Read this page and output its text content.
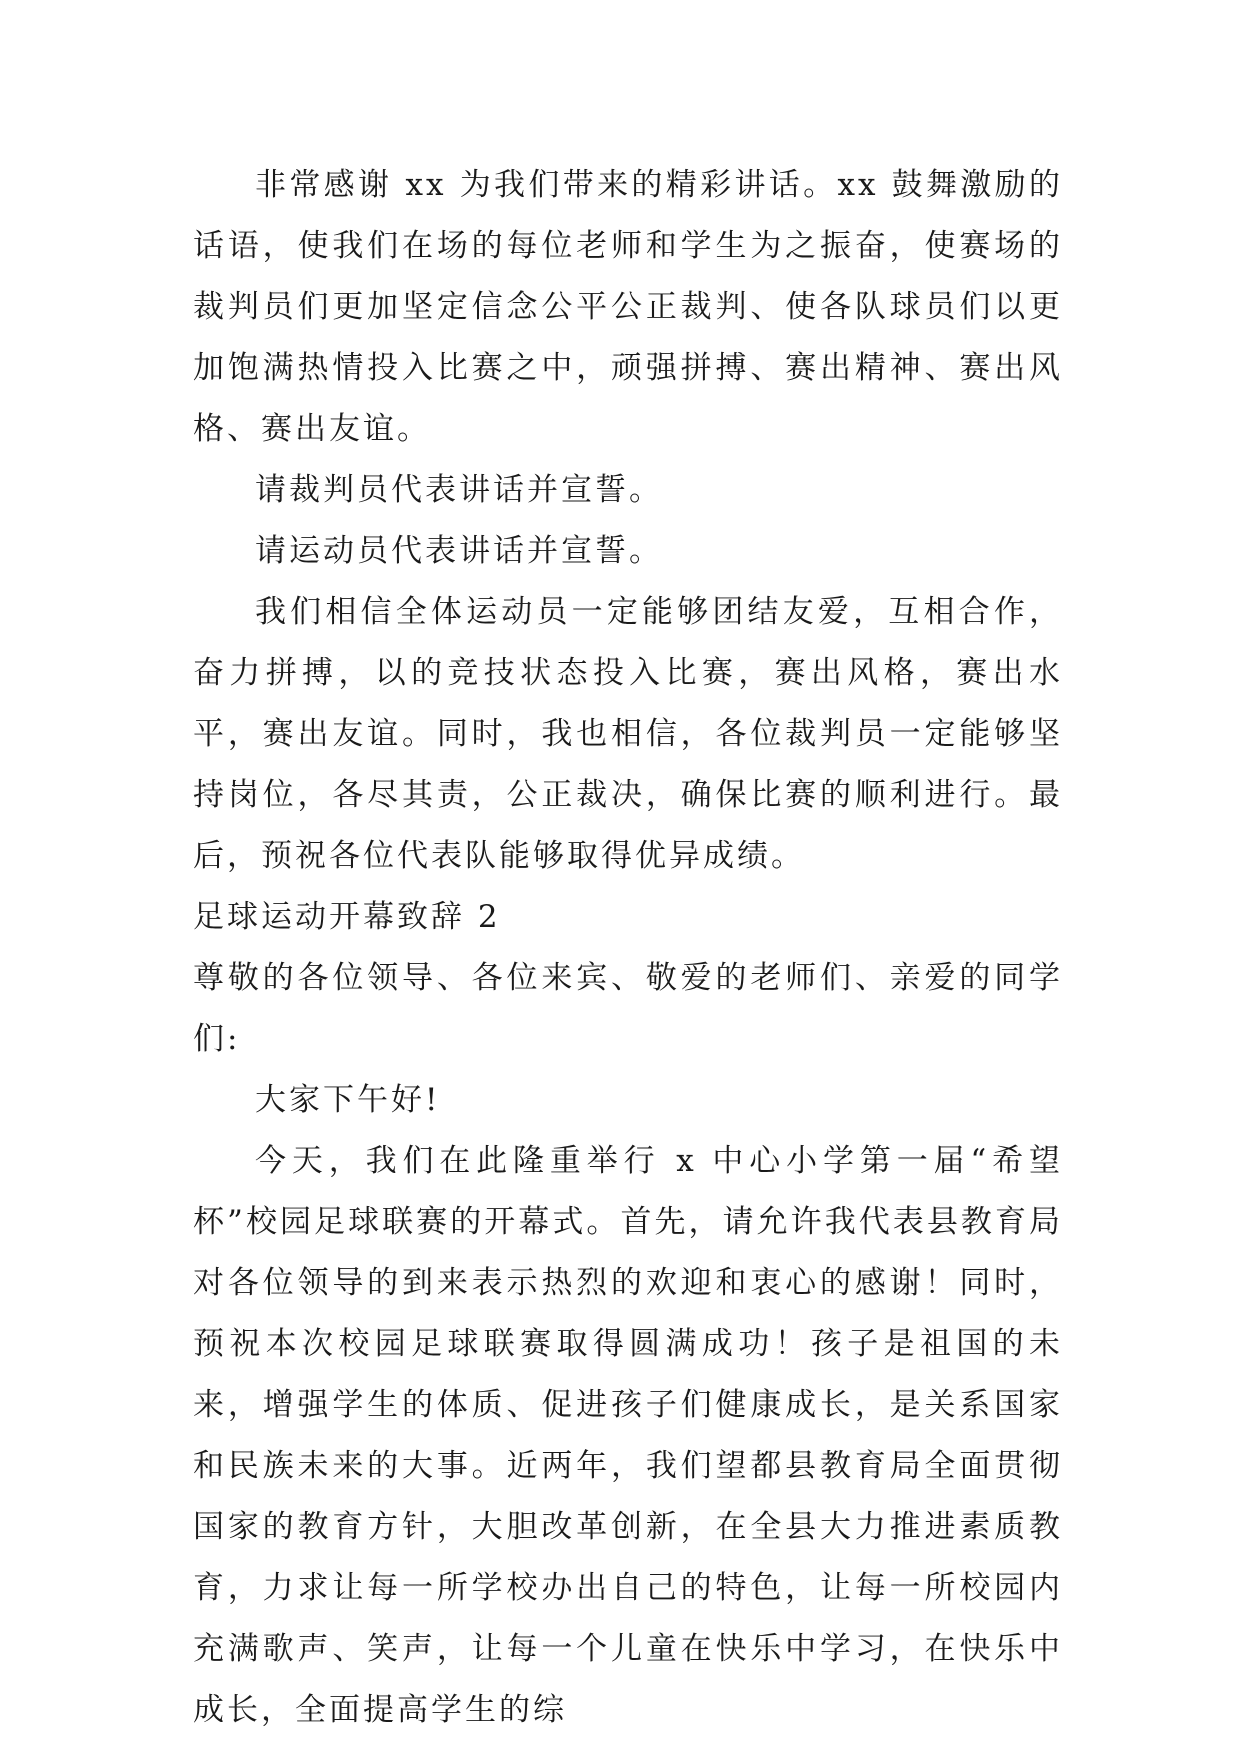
非常感谢 xx 为我们带来的精彩讲话。xx 鼓舞激励的话语，使我们在场的每位老师和学生为之振奋，使赛场的裁判员们更加坚定信念公平公正裁判、使各队球员们以更加饱满热情投入比赛之中，顽强拼搏、赛出精神、赛出风格、赛出友谊。

请裁判员代表讲话并宣誓。

请运动员代表讲话并宣誓。

我们相信全体运动员一定能够团结友爱，互相合作，奋力拼搏，以的竞技状态投入比赛，赛出风格，赛出水平，赛出友谊。同时，我也相信，各位裁判员一定能够坚持岗位，各尽其责，公正裁决，确保比赛的顺利进行。最后，预祝各位代表队能够取得优异成绩。

足球运动开幕致辞 2

尊敬的各位领导、各位来宾、敬爱的老师们、亲爱的同学们:

大家下午好!

今天，我们在此隆重举行 x 中心小学第一届“希望杯”校园足球联赛的开幕式。首先，请允许我代表县教育局对各位领导的到来表示热烈的欢迎和衷心的感谢！同时，预祝本次校园足球联赛取得圆满成功！孩子是祖国的未来，增强学生的体质、促进孩子们健康成长，是关系国家和民族未来的大事。近两年，我们望都县教育局全面贯彻国家的教育方针，大胆改革创新，在全县大力推进素质教育，力求让每一所学校办出自己的特色，让每一所校园内充满歌声、笑声，让每一个儿童在快乐中学习，在快乐中成长，全面提高学生的综
